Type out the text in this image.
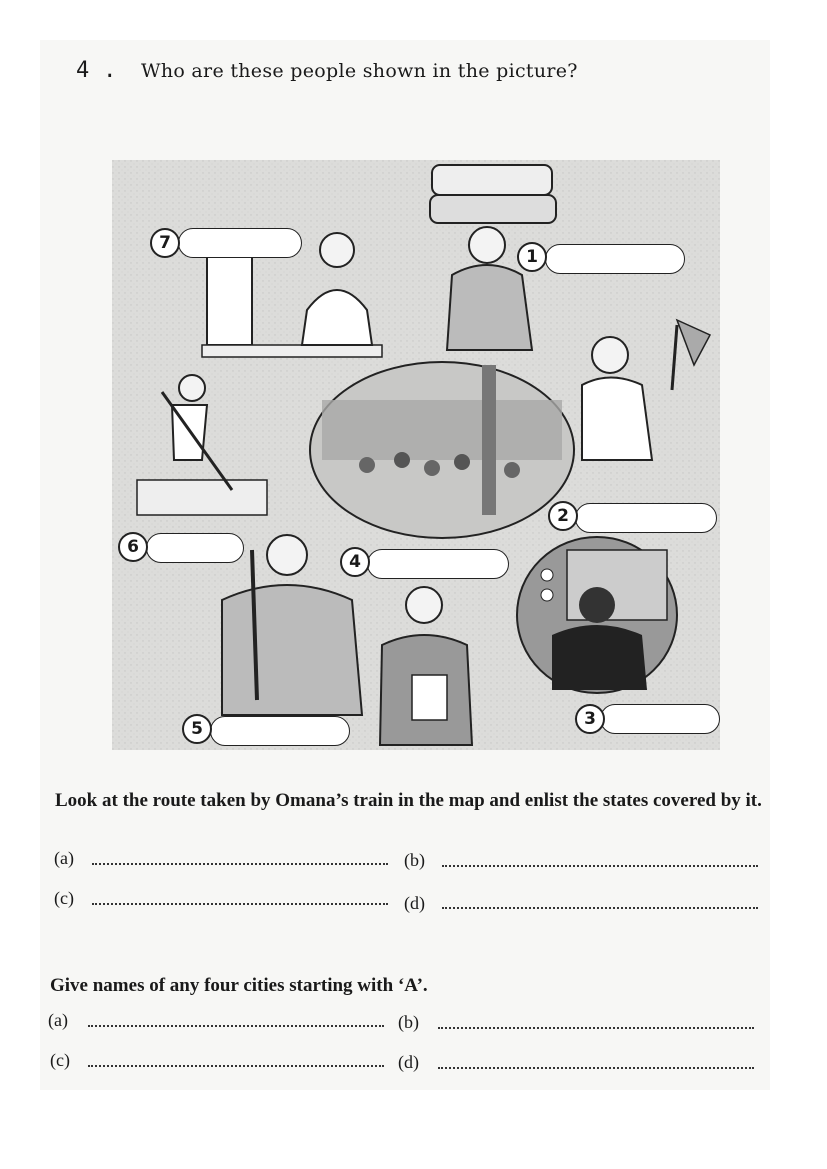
4 . Who are these people shown in the picture?
7
1
2
6
4
5	3
Look at the route taken by Omana’s train in the map and enlist the states covered by it.
(a)	(b)
(c)	(d)
Give names of any four cities starting with ‘A’.
(a)	(b)
(c)	(d)
